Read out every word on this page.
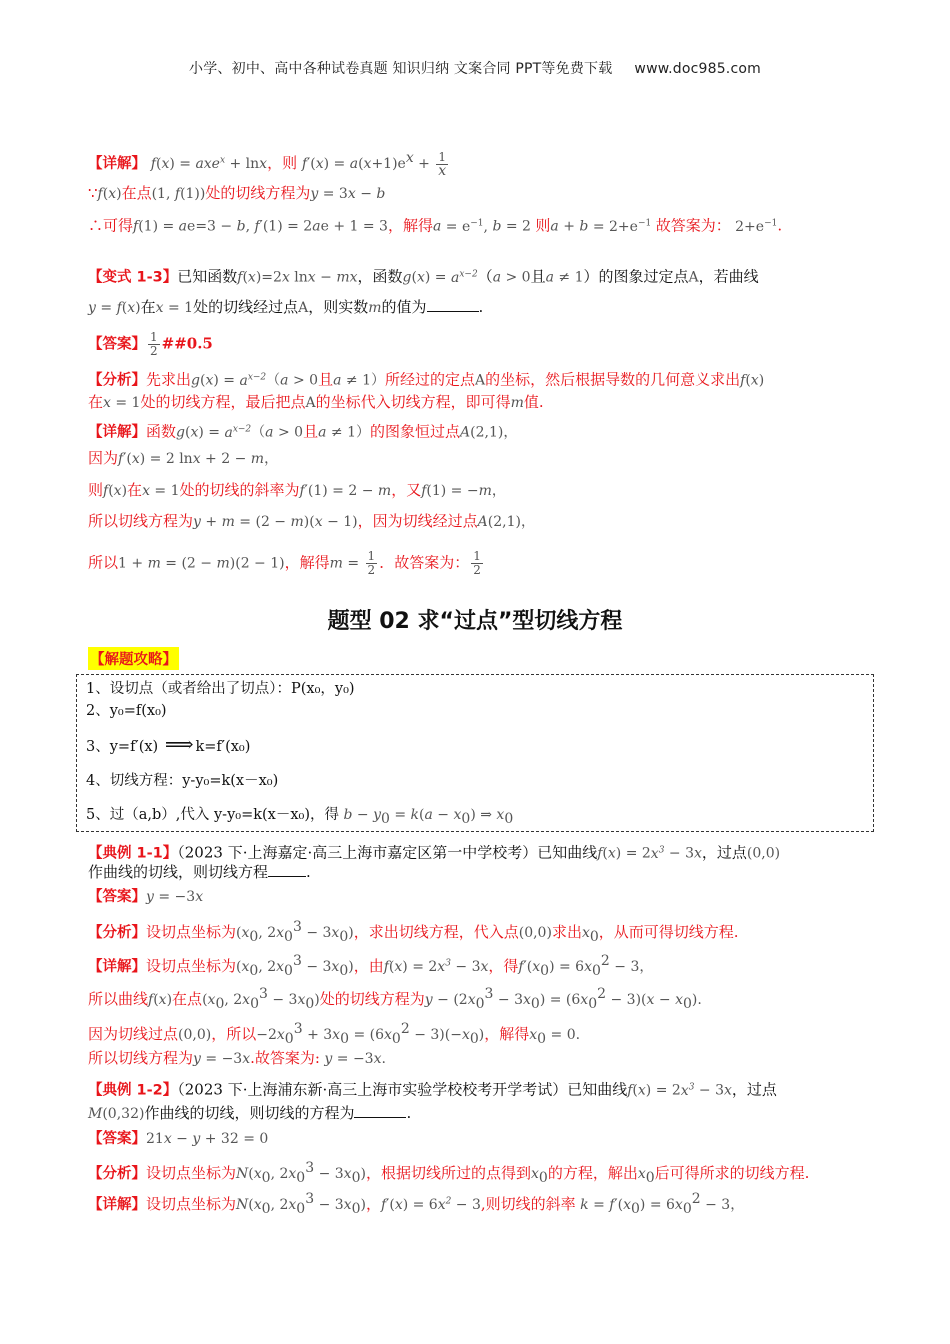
小学、初中、高中各种试卷真题 知识归纳 文案合同 PPT等免费下载 www.doc985.com
【详解】 f(x) = axe$^x$ + lnx，则 $f'(x) = a(x+1)e^x + \frac{1}{x}$
∵f(x)在点(1, f(1))处的切线方程为y = 3x − b
∴可得f(1) = ae=3 − b, f′(1) = 2ae + 1 = 3，解得$a = e^{-1}$, b = 2 则$a + b = 2+e^{-1}$ 故答案为： $2+e^{-1}$.
【变式 1-3】已知函数f(x)=2x lnx − mx，函数$g(x) = a^{x-2}(a > 0$且a ≠ 1）的图象过定点A，若曲线
y = f(x)在x = 1处的切线经过点A，则实数m的值为	.
【答案】 $\frac{1}{2}$ ##0.5
【分析】先求出$g(x) = a^{x-2}(a > 0$且a ≠ 1）所经过的定点A的坐标，然后根据导数的几何意义求出f(x)
在x = 1处的切线方程，最后把点A的坐标代入切线方程，即可得m值.
【详解】函数$g(x) = a^{x-2}(a > 0$且a ≠ 1）的图象恒过点A(2,1)，
因为f′(x) = 2 lnx + 2 − m，
则f(x)在x = 1处的切线的斜率为f′(1) = 2 − m，又f(1) = −m，
所以切线方程为y + m = (2 − m)(x − 1)，因为切线经过点A(2,1)，
所以1 + m = (2 − m)(2 − 1)，解得$m = \frac{1}{2}$ ．故答案为： $\frac{1}{2}$
题型 02 求“过点”型切线方程
【解题攻略】
1、设切点（或者给出了切点）：P(x₀，y₀)
2、y₀=f(x₀)
3、y=f′(x) ⟹ k=f′(x₀)
4、切线方程：y-y₀=k(x－x₀)
5、过（a,b）,代入 y-y₀=k(x－x₀)，得 $b - y_0 = k(a - x_0)$ ⇒ $x_0$
【典例 1-1】（2023 下·上海嘉定·高三上海市嘉定区第一中学校考）已知曲线$f(x) = 2x^3 - 3x$，过点(0,0)
作曲线的切线，则切线方程	.
【答案】y = −3x
【分析】设切点坐标为($x_0$, $2x_0^3 - 3x_0$)，求出切线方程，代入点(0,0)求出$x_0$，从而可得切线方程.
【详解】设切点坐标为($x_0$, $2x_0^3 - 3x_0$)，由$f(x) = 2x^3 - 3x$，得$f'(x_0) = 6x_0^2 - 3$，
所以曲线f(x)在点($x_0$, $2x_0^3 - 3x_0$)处的切线方程为$y - (2x_0^3 - 3x_0) = (6x_0^2 - 3)(x - x_0)$.
因为切线过点(0,0)，所以$-2x_0^3 + 3x_0 = (6x_0^2 - 3)(-x_0)$，解得$x_0 = 0$.
所以切线方程为y = −3x.故答案为: y = −3x.
【典例 1-2】（2023 下·上海浦东新·高三上海市实验学校校考开学考试）已知曲线$f(x) = 2x^3 - 3x$，过点
M(0,32)作曲线的切线，则切线的方程为	.
【答案】21x − y + 32 = 0
【分析】设切点坐标为$N(x_0$, $2x_0^3 - 3x_0$)，根据切线所过的点得到$x_0$的方程，解出$x_0$后可得所求的切线方程.
【详解】设切点坐标为$N(x_0$, $2x_0^3 - 3x_0$)，$f'(x) = 6x^2 - 3$,则切线的斜率 $k = f'(x_0) = 6x_0^2 - 3$，
